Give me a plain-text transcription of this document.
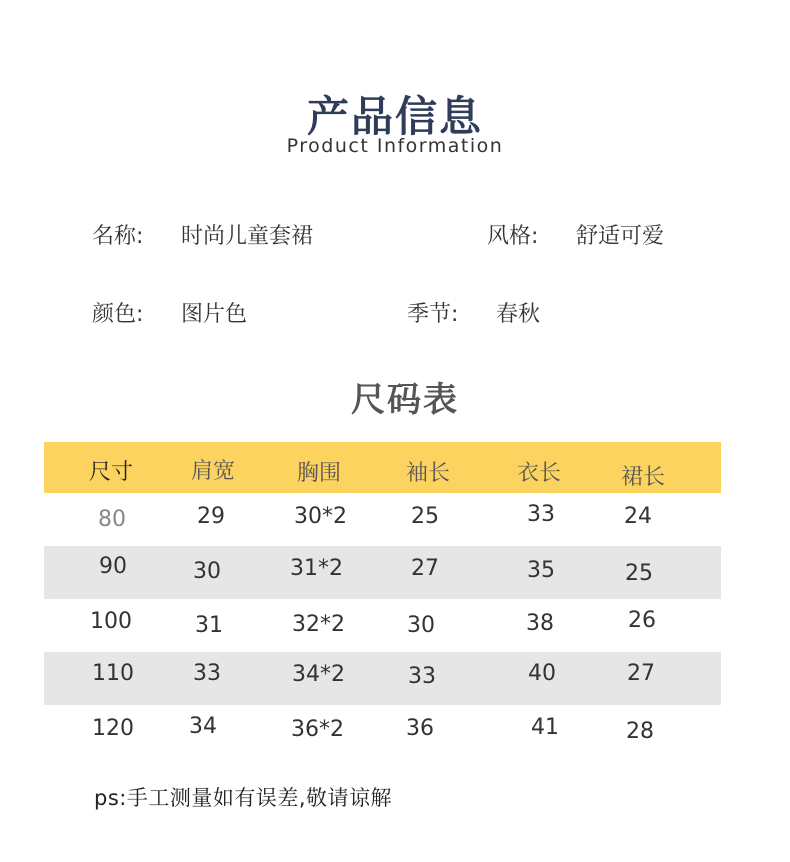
产品信息
Product Information
名称: 时尚儿童套裙	风格: 舒适可爱
颜色: 图片色	季节: 春秋
尺码表
尺寸	肩宽	胸围	袖长	衣长	裙长
80	29	30*2	25	33	24
90	30	31*2	27	35	25
100	31	32*2	30	38	26
110	33	34*2	33	40	27
120	34	36*2	36	41	28
ps:手工测量如有误差,敬请谅解
